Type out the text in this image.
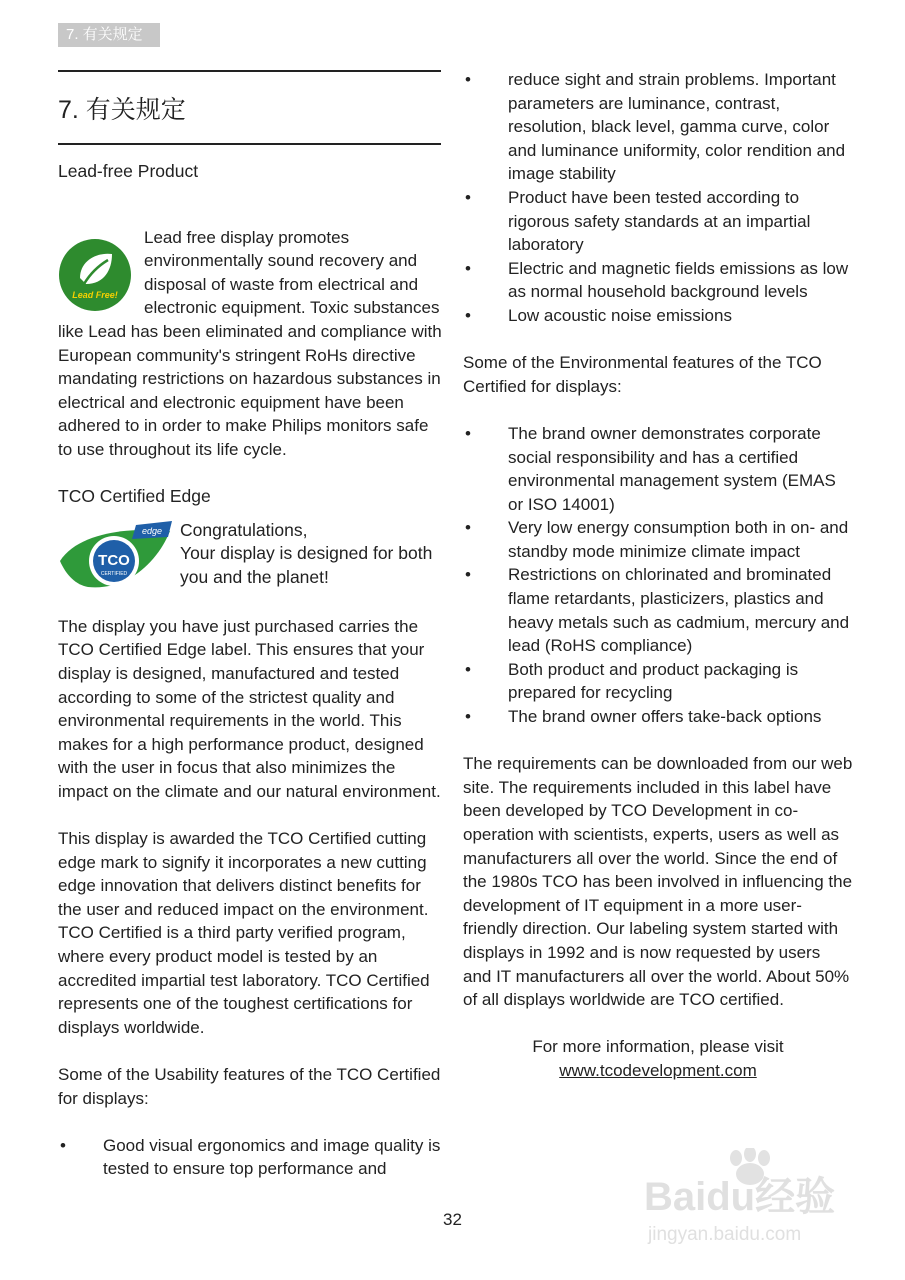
7. 有关规定
7. 有关规定

Lead-free Product

Lead Free!

Lead free display promotes environmentally sound recovery and disposal of waste from electrical and electronic equipment. Toxic substances like Lead has been eliminated and compliance with European community's stringent RoHs directive mandating restrictions on hazardous substances in electrical and electronic equipment have been adhered to in order to make Philips monitors safe to use throughout its life cycle.

TCO Certified Edge

edge
TCO
CERTIFIED

Congratulations,

Your display is designed for both you and the planet!

The display you have just purchased carries the TCO Certified Edge label. This ensures that your display is designed, manufactured and tested according to some of the strictest quality and environmental requirements in the world. This makes for a high performance product, designed with the user in focus that also minimizes the impact on the climate and our natural environment.

This display is awarded the TCO Certified cutting edge mark to signify it incorporates a new cutting edge innovation that delivers distinct benefits for the user and reduced impact on the environment. TCO Certified is a third party verified program, where every product model is tested by an accredited impartial test laboratory. TCO Certified represents one of the toughest certifications for displays worldwide.

Some of the Usability features of the TCO Certified for displays:

• Good visual ergonomics and image quality is tested to ensure top performance and
• reduce sight and strain problems. Important parameters are luminance, contrast, resolution, black level, gamma curve, color and luminance uniformity, color rendition and image stability
• Product have been tested according to rigorous safety standards at an impartial laboratory
• Electric and magnetic fields emissions as low as normal household background levels
• Low acoustic noise emissions

Some of the Environmental features of the TCO Certified for displays:

• The brand owner demonstrates corporate social responsibility and has a certified environmental management system (EMAS or ISO 14001)
• Very low energy consumption both in on- and standby mode minimize climate impact
• Restrictions on chlorinated and brominated flame retardants, plasticizers, plastics and heavy metals such as cadmium, mercury and lead (RoHS compliance)
• Both product and product packaging is prepared for recycling
• The brand owner offers take-back options

The requirements can be downloaded from our web site. The requirements included in this label have been developed by TCO Development in co-operation with scientists, experts, users as well as manufacturers all over the world. Since the end of the 1980s TCO has been involved in influencing the development of IT equipment in a more user-friendly direction. Our labeling system started with displays in 1992 and is now requested by users and IT manufacturers all over the world. About 50% of all displays worldwide are TCO certified.

For more information, please visit

www.tcodevelopment.com

32
Baidu经验
jingyan.baidu.com
